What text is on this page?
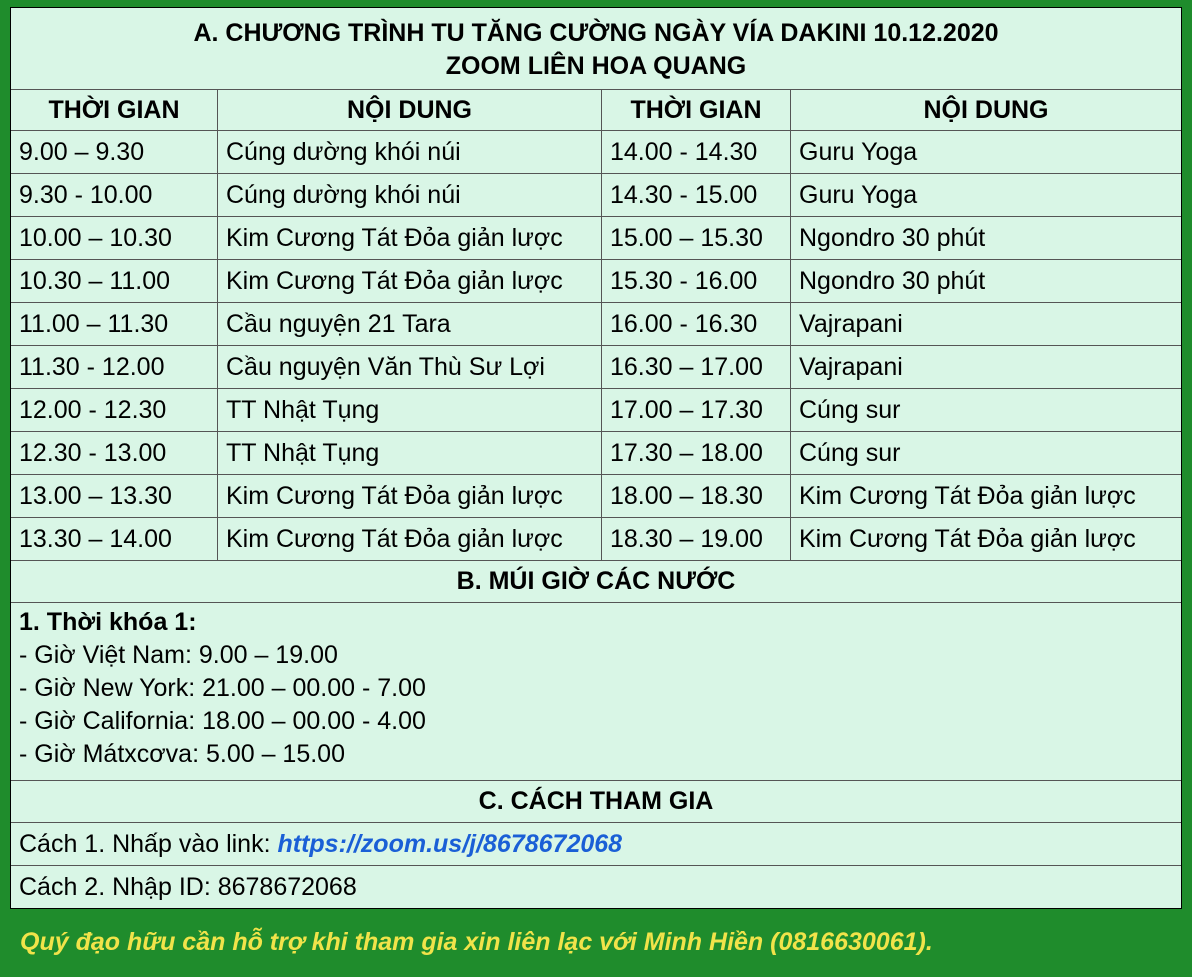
A. CHƯƠNG TRÌNH TU TĂNG CƯỜNG NGÀY VÍA DAKINI 10.12.2020
ZOOM LIÊN HOA QUANG
THỜI GIAN	NỘI DUNG	THỜI GIAN	NỘI DUNG
9.00 – 9.30	Cúng dường khói núi	14.00 - 14.30	Guru Yoga
9.30 - 10.00	Cúng dường khói núi	14.30 - 15.00	Guru Yoga
10.00 – 10.30	Kim Cương Tát Đỏa giản lược	15.00 – 15.30	Ngondro 30 phút
10.30 – 11.00	Kim Cương Tát Đỏa giản lược	15.30 - 16.00	Ngondro 30 phút
11.00 – 11.30	Cầu nguyện 21 Tara	16.00 - 16.30	Vajrapani
11.30 - 12.00	Cầu nguyện Văn Thù Sư Lợi	16.30 – 17.00	Vajrapani
12.00 - 12.30	TT Nhật Tụng	17.00 – 17.30	Cúng sur
12.30 - 13.00	TT Nhật Tụng	17.30 – 18.00	Cúng sur
13.00 – 13.30	Kim Cương Tát Đỏa giản lược	18.00 – 18.30	Kim Cương Tát Đỏa giản lược
13.30 – 14.00	Kim Cương Tát Đỏa giản lược	18.30 – 19.00	Kim Cương Tát Đỏa giản lược
B. MÚI GIỜ CÁC NƯỚC
1. Thời khóa 1:
- Giờ Việt Nam: 9.00 – 19.00
- Giờ New York: 21.00 – 00.00 - 7.00
- Giờ California: 18.00 – 00.00 - 4.00
- Giờ Mátxcơva: 5.00 – 15.00
C. CÁCH THAM GIA
Cách 1. Nhấp vào link: https://zoom.us/j/8678672068
Cách 2. Nhập ID: 8678672068
Quý đạo hữu cần hỗ trợ khi tham gia xin liên lạc với Minh Hiền (0816630061).
